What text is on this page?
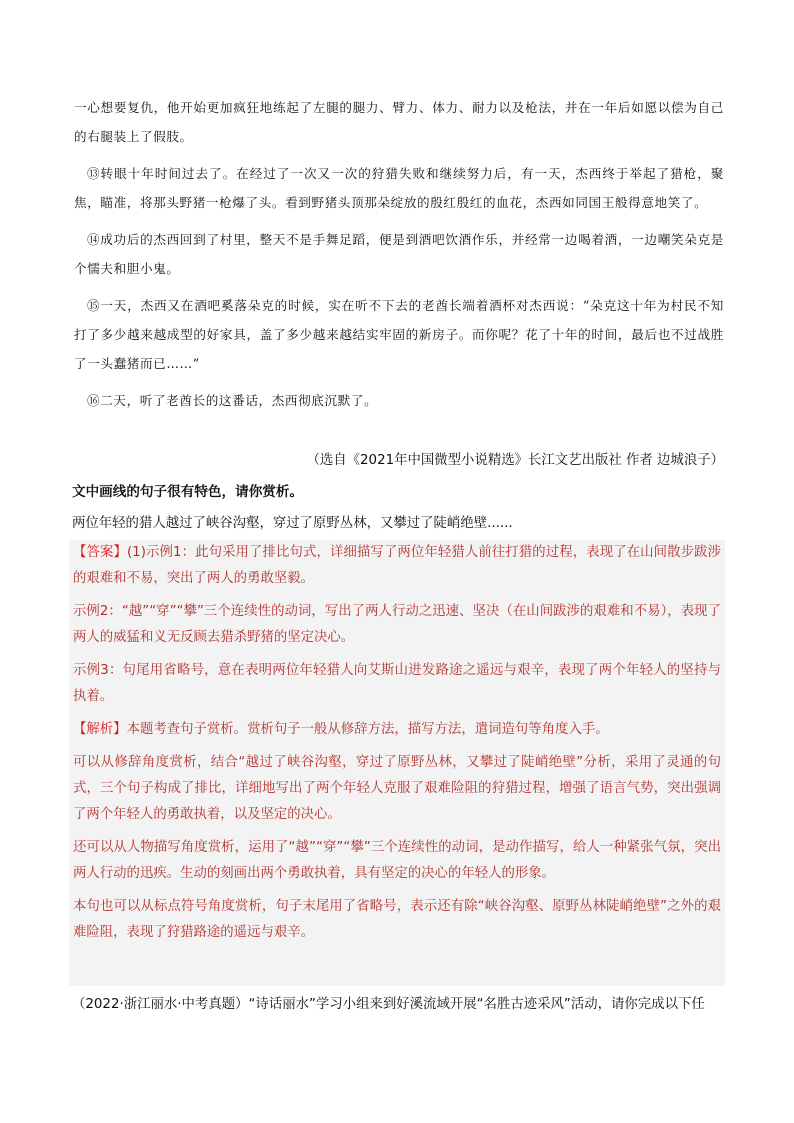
一心想要复仇，他开始更加疯狂地练起了左腿的腿力、臂力、体力、耐力以及枪法，并在一年后如愿以偿为自己的右腿装上了假肢。

⑬转眼十年时间过去了。在经过了一次又一次的狩猎失败和继续努力后，有一天，杰西终于举起了猎枪，聚焦，瞄准，将那头野猪一枪爆了头。看到野猪头顶那朵绽放的殷红殷红的血花，杰西如同国王般得意地笑了。

⑭成功后的杰西回到了村里，整天不是手舞足蹈，便是到酒吧饮酒作乐，并经常一边喝着酒，一边嘲笑朵克是个懦夫和胆小鬼。

⑮一天，杰西又在酒吧奚落朵克的时候，实在听不下去的老酋长端着酒杯对杰西说：“朵克这十年为村民不知打了多少越来越成型的好家具，盖了多少越来越结实牢固的新房子。而你呢？花了十年的时间，最后也不过战胜了一头蠢猪而已……”

⑯二天，听了老酋长的这番话，杰西彻底沉默了。

（选自《2021年中国微型小说精选》长江文艺出版社 作者 边城浪子）
文中画线的句子很有特色，请你赏析。
两位年轻的猎人越过了峡谷沟壑，穿过了原野丛林，又攀过了陡峭绝壁......

【答案】(1)示例1：此句采用了排比句式，详细描写了两位年轻猎人前往打猎的过程，表现了在山间散步跋涉的艰难和不易，突出了两人的勇敢坚毅。

示例2：“越”“穿”“攀”三个连续性的动词，写出了两人行动之迅速、坚决（在山间跋涉的艰难和不易），表现了两人的威猛和义无反顾去猎杀野猪的坚定决心。

示例3：句尾用省略号，意在表明两位年轻猎人向艾斯山进发路途之遥远与艰辛，表现了两个年轻人的坚持与执着。

【解析】本题考查句子赏析。赏析句子一般从修辞方法，描写方法，遣词造句等角度入手。

可以从修辞角度赏析，结合“越过了峡谷沟壑，穿过了原野丛林，又攀过了陡峭绝壁”分析，采用了灵通的句式，三个句子构成了排比，详细地写出了两个年轻人克服了艰难险阻的狩猎过程，增强了语言气势，突出强调了两个年轻人的勇敢执着，以及坚定的决心。

还可以从人物描写角度赏析，运用了“越”“穿”“攀”三个连续性的动词，是动作描写，给人一种紧张气氛，突出两人行动的迅疾。生动的刻画出两个勇敢执着，具有坚定的决心的年轻人的形象。

本句也可以从标点符号角度赏析，句子末尾用了省略号，表示还有除“峡谷沟壑、原野丛林陡峭绝壁”之外的艰难险阻，表现了狩猎路途的遥远与艰辛。

（2022·浙江丽水·中考真题）“诗话丽水”学习小组来到好溪流域开展“名胜古迹采风”活动，请你完成以下任
